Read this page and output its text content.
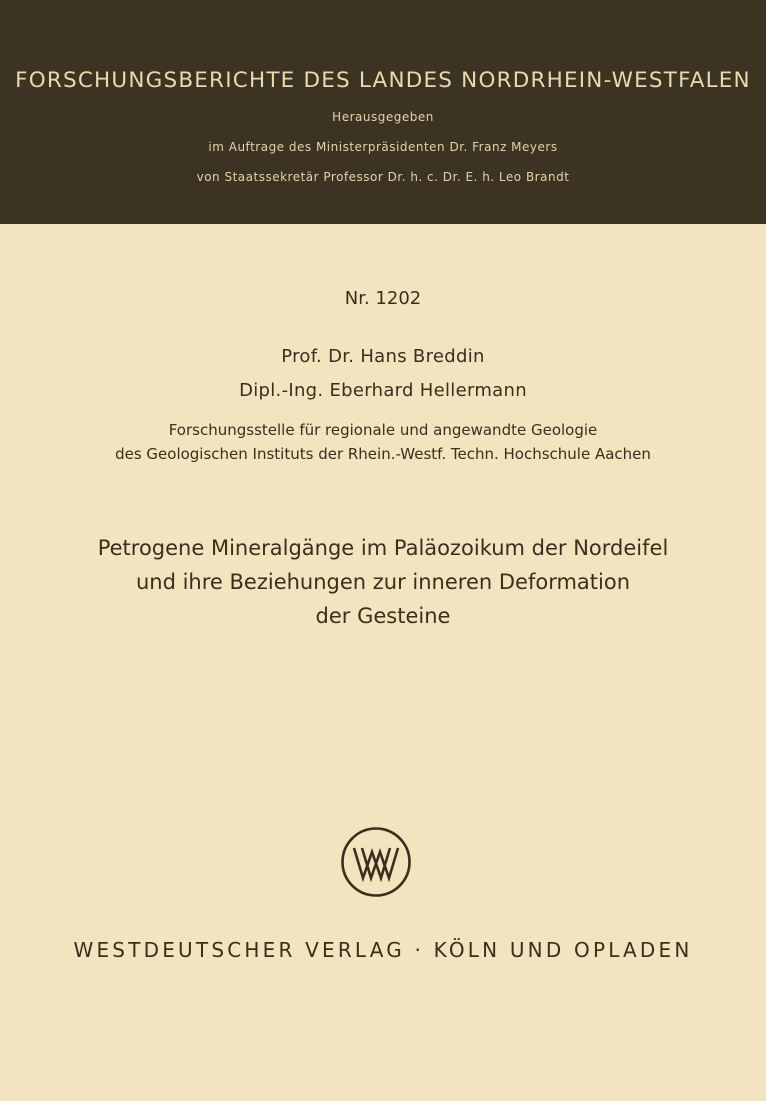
FORSCHUNGSBERICHTE DES LANDES NORDRHEIN-WESTFALEN
Herausgegeben
im Auftrage des Ministerpräsidenten Dr. Franz Meyers
von Staatssekretär Professor Dr. h. c. Dr. E. h. Leo Brandt
Nr. 1202
Prof. Dr. Hans Breddin
Dipl.-Ing. Eberhard Hellermann
Forschungsstelle für regionale und angewandte Geologie
des Geologischen Instituts der Rhein.-Westf. Techn. Hochschule Aachen
Petrogene Mineralgänge im Paläozoikum der Nordeifel
und ihre Beziehungen zur inneren Deformation
der Gesteine
WESTDEUTSCHER VERLAG · KÖLN UND OPLADEN
